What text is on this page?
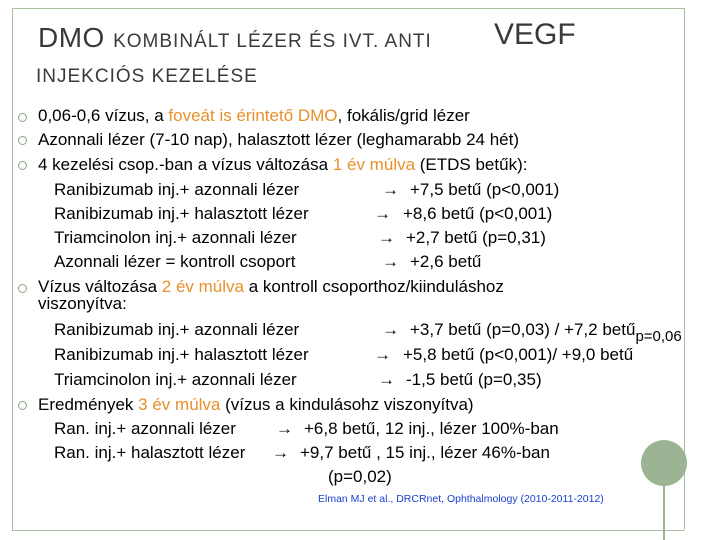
DMO KOMBINÁLT LÉZER ÉS IVT. ANTI VEGF
INJEKCIÓS KEZELÉSE
0,06-0,6 vízus, a foveát is érintető DMO, fokális/grid lézer
Azonnali lézer (7-10 nap), halasztott lézer (leghamarabb 24 hét)
4 kezelési csop.-ban a vízus változása 1 év múlva (ETDS betűk):
Ranibizumab inj.+ azonnali lézer	→ +7,5 betű (p<0,001)
Ranibizumab inj.+ halasztott lézer	→ +8,6 betű (p<0,001)
Triamcinolon inj.+ azonnali lézer	→ +2,7 betű (p=0,31)
Azonnali lézer = kontroll csoport	→ +2,6 betű
Vízus változása 2 év múlva a kontroll csoporthoz/kiinduláshoz
viszonyítva:
Ranibizumab inj.+ azonnali lézer	→ +3,7 betű (p=0,03) / +7,2 betűp=0,06
Ranibizumab inj.+ halasztott lézer	→ +5,8 betű (p<0,001)/ +9,0 betű
Triamcinolon inj.+ azonnali lézer	→ -1,5 betű (p=0,35)
Eredmények 3 év múlva (vízus a kindulásohz viszonyítva)
Ran. inj.+ azonnali lézer → +6,8 betű, 12 inj., lézer 100%-ban
Ran. inj.+ halasztott lézer → +9,7 betű , 15 inj., lézer 46%-ban
(p=0,02)
Elman MJ et al., DRCRnet, Ophthalmology (2010-2011-2012)
